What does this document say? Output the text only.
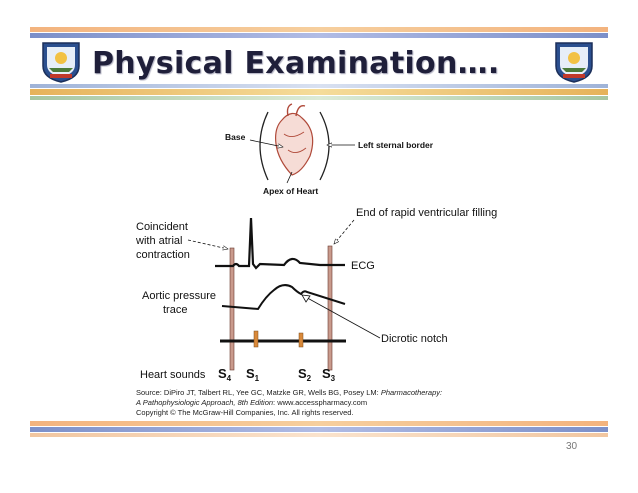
Physical Examination….
Base
Left sternal border
Apex of Heart
Coincident
with atrial
contraction
End of rapid ventricular filling
ECG
Aortic pressure
trace
Dicrotic notch
Heart sounds $S_4$ $S_1$	$S_2$ $S_3$
Source: DiPiro JT, Talbert RL, Yee GC, Matzke GR, Wells BG, Posey LM: Pharmacotherapy:
A Pathophysiologic Approach, 8th Edition: www.accesspharmacy.com
Copyright © The McGraw-Hill Companies, Inc. All rights reserved.
30
